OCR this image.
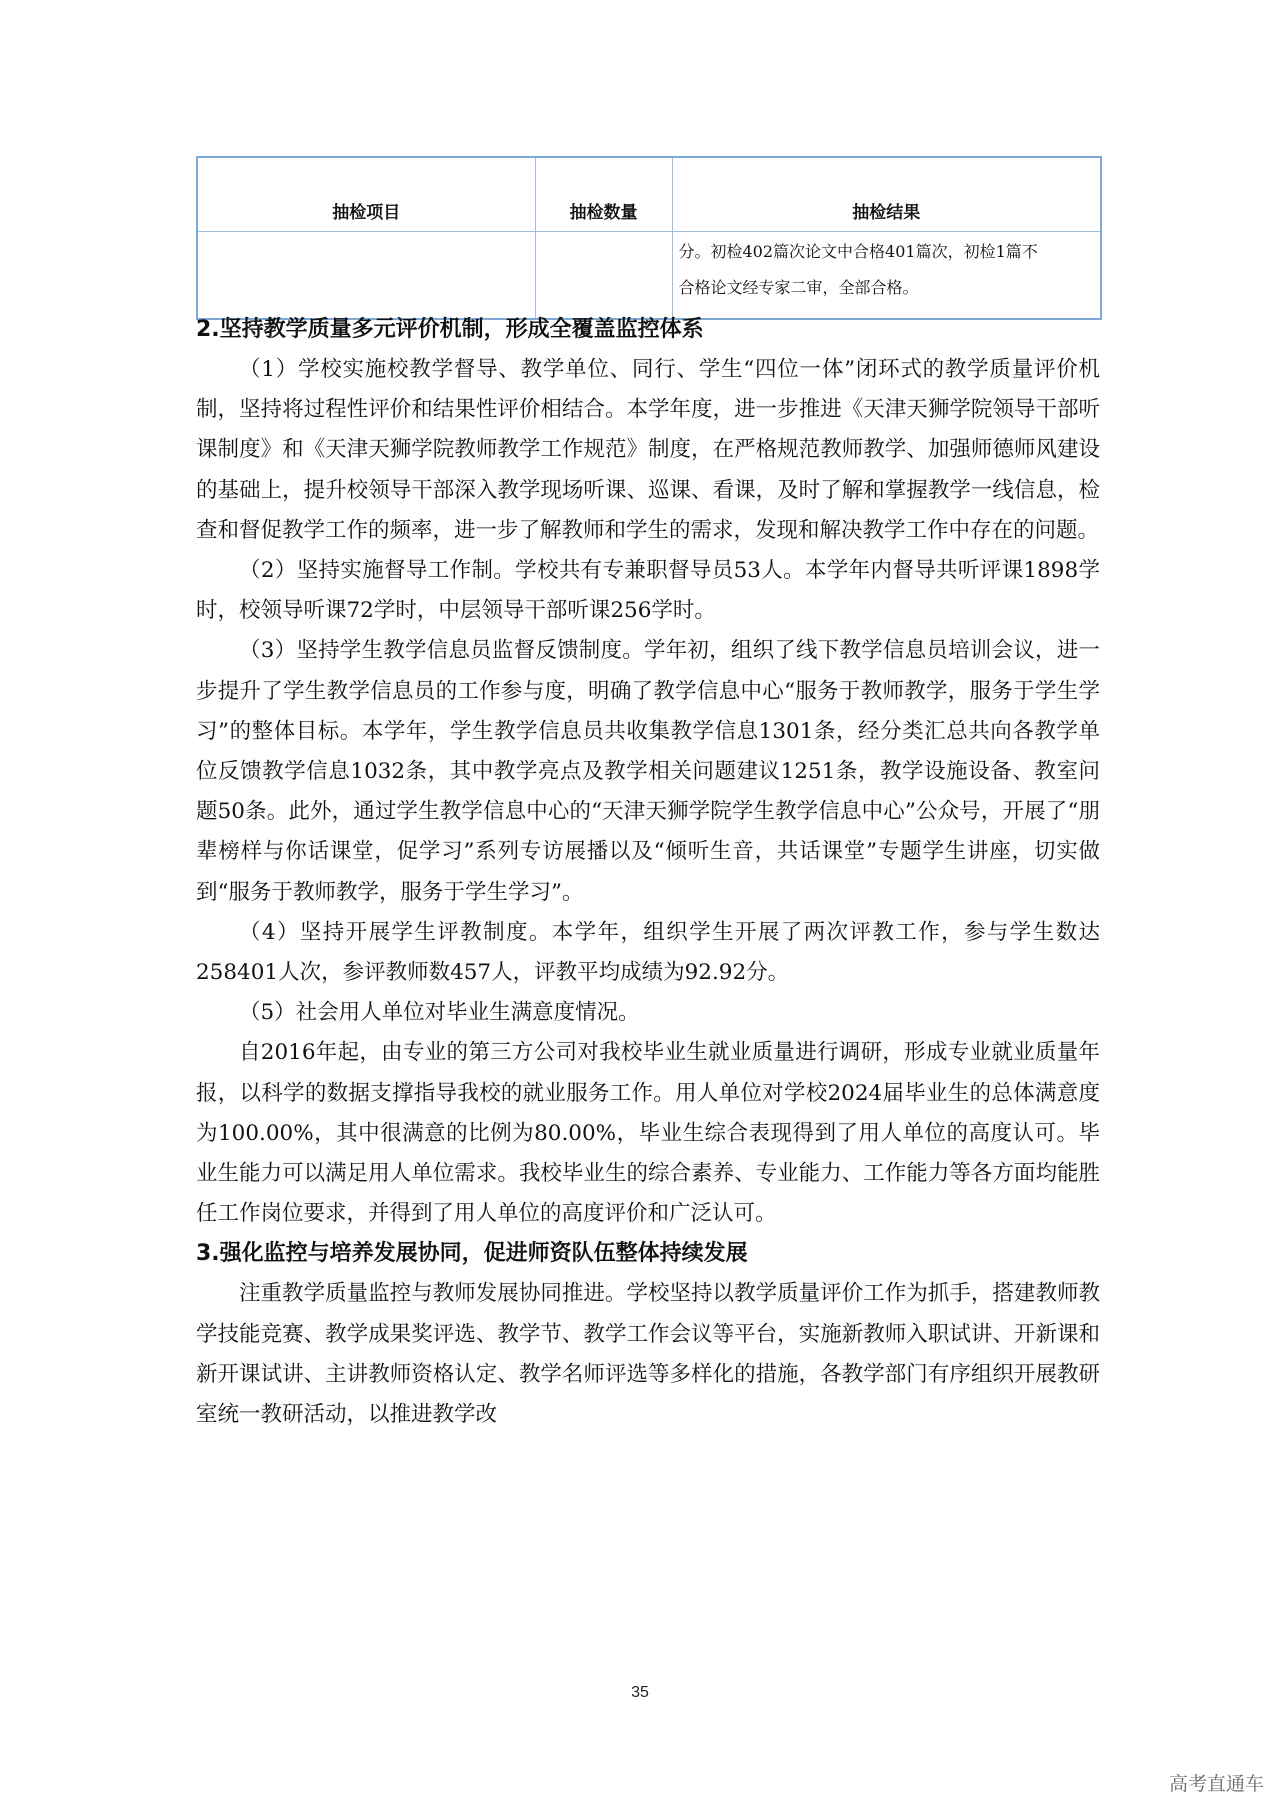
抽检项目	抽检数量	抽检结果

		分。初检402篇次论文中合格401篇次，初检1篇不
合格论文经专家二审，全部合格。
2.坚持教学质量多元评价机制，形成全覆盖监控体系

（1）学校实施校教学督导、教学单位、同行、学生“四位一体”闭环式的教学质量评价机制，坚持将过程性评价和结果性评价相结合。本学年度，进一步推进《天津天狮学院领导干部听课制度》和《天津天狮学院教师教学工作规范》制度，在严格规范教师教学、加强师德师风建设的基础上，提升校领导干部深入教学现场听课、巡课、看课，及时了解和掌握教学一线信息，检查和督促教学工作的频率，进一步了解教师和学生的需求，发现和解决教学工作中存在的问题。

（2）坚持实施督导工作制。学校共有专兼职督导员53人。本学年内督导共听评课1898学时，校领导听课72学时，中层领导干部听课256学时。

（3）坚持学生教学信息员监督反馈制度。学年初，组织了线下教学信息员培训会议，进一步提升了学生教学信息员的工作参与度，明确了教学信息中心“服务于教师教学，服务于学生学习”的整体目标。本学年，学生教学信息员共收集教学信息1301条，经分类汇总共向各教学单位反馈教学信息1032条，其中教学亮点及教学相关问题建议1251条，教学设施设备、教室问题50条。此外，通过学生教学信息中心的“天津天狮学院学生教学信息中心”公众号，开展了“朋辈榜样与你话课堂，促学习”系列专访展播以及“倾听生音，共话课堂”专题学生讲座，切实做到“服务于教师教学，服务于学生学习”。

（4）坚持开展学生评教制度。本学年，组织学生开展了两次评教工作，参与学生数达258401人次，参评教师数457人，评教平均成绩为92.92分。

（5）社会用人单位对毕业生满意度情况。

自2016年起，由专业的第三方公司对我校毕业生就业质量进行调研，形成专业就业质量年报，以科学的数据支撑指导我校的就业服务工作。用人单位对学校2024届毕业生的总体满意度为100.00%，其中很满意的比例为80.00%，毕业生综合表现得到了用人单位的高度认可。毕业生能力可以满足用人单位需求。我校毕业生的综合素养、专业能力、工作能力等各方面均能胜任工作岗位要求，并得到了用人单位的高度评价和广泛认可。

3.强化监控与培养发展协同，促进师资队伍整体持续发展

注重教学质量监控与教师发展协同推进。学校坚持以教学质量评价工作为抓手，搭建教师教学技能竞赛、教学成果奖评选、教学节、教学工作会议等平台，实施新教师入职试讲、开新课和新开课试讲、主讲教师资格认定、教学名师评选等多样化的措施，各教学部门有序组织开展教研室统一教研活动，以推进教学改

35
高考直通车
